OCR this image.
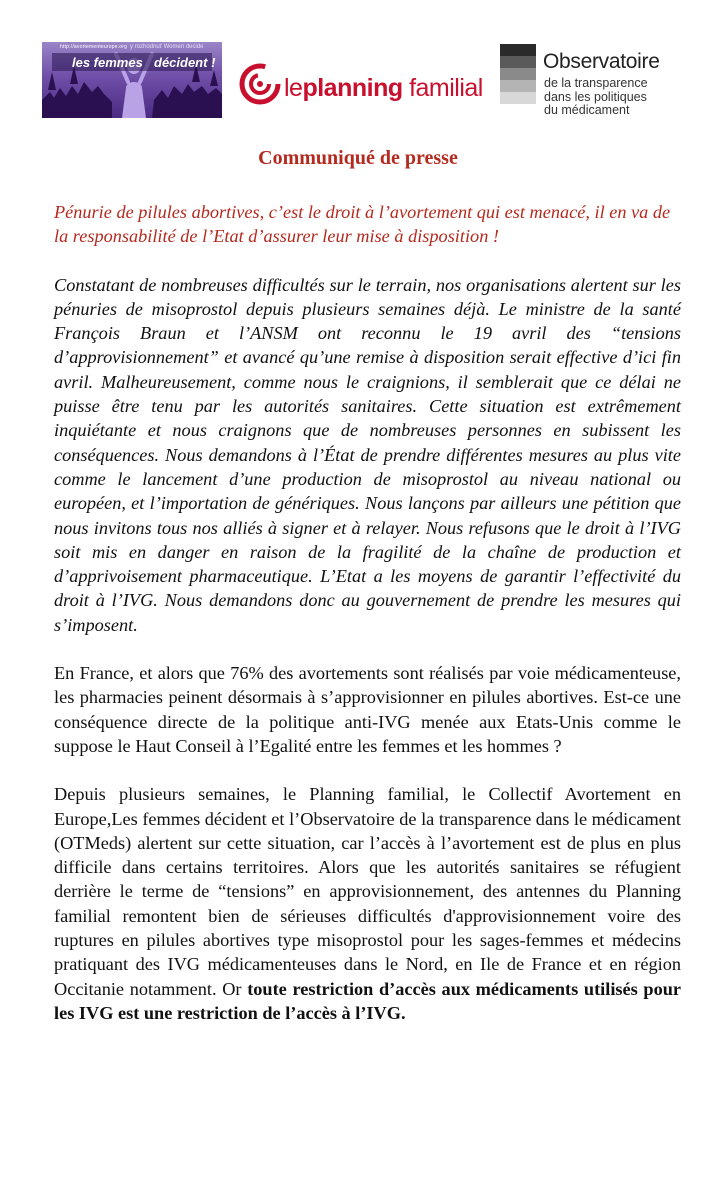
http://avortementeurope.org y rozhodnuť Women decide
les femmes décident !
leplanning familial
Observatoire
de la transparence
dans les politiques
du médicament
Communiqué de presse

Pénurie de pilules abortives, c’est le droit à l’avortement qui est menacé, il en va de la responsabilité de l’Etat d’assurer leur mise à disposition !

Constatant de nombreuses difficultés sur le terrain, nos organisations alertent sur les pénuries de misoprostol depuis plusieurs semaines déjà. Le ministre de la santé François Braun et l’ANSM ont reconnu le 19 avril des “tensions d’approvisionnement” et avancé qu’une remise à disposition serait effective d’ici fin avril. Malheureusement, comme nous le craignions, il semblerait que ce délai ne puisse être tenu par les autorités sanitaires. Cette situation est extrêmement inquiétante et nous craignons que de nombreuses personnes en subissent les conséquences. Nous demandons à l’État de prendre différentes mesures au plus vite comme le lancement d’une production de misoprostol au niveau national ou européen, et l’importation de génériques. Nous lançons par ailleurs une pétition que nous invitons tous nos alliés à signer et à relayer. Nous refusons que le droit à l’IVG soit mis en danger en raison de la fragilité de la chaîne de production et d’apprivoisement pharmaceutique. L’Etat a les moyens de garantir l’effectivité du droit à l’IVG. Nous demandons donc au gouvernement de prendre les mesures qui s’imposent.

En France, et alors que 76% des avortements sont réalisés par voie médicamenteuse, les pharmacies peinent désormais à s’approvisionner en pilules abortives. Est-ce une conséquence directe de la politique anti-IVG menée aux Etats-Unis comme le suppose le Haut Conseil à l’Egalité entre les femmes et les hommes ?

Depuis plusieurs semaines, le Planning familial, le Collectif Avortement en Europe,Les femmes décident et l’Observatoire de la transparence dans le médicament (OTMeds) alertent sur cette situation, car l’accès à l’avortement est de plus en plus difficile dans certains territoires. Alors que les autorités sanitaires se réfugient derrière le terme de “tensions” en approvisionnement, des antennes du Planning familial remontent bien de sérieuses difficultés d'approvisionnement voire des ruptures en pilules abortives type misoprostol pour les sages-femmes et médecins pratiquant des IVG médicamenteuses dans le Nord, en Ile de France et en région Occitanie notamment. Or toute restriction d’accès aux médicaments utilisés pour les IVG est une restriction de l’accès à l’IVG.
